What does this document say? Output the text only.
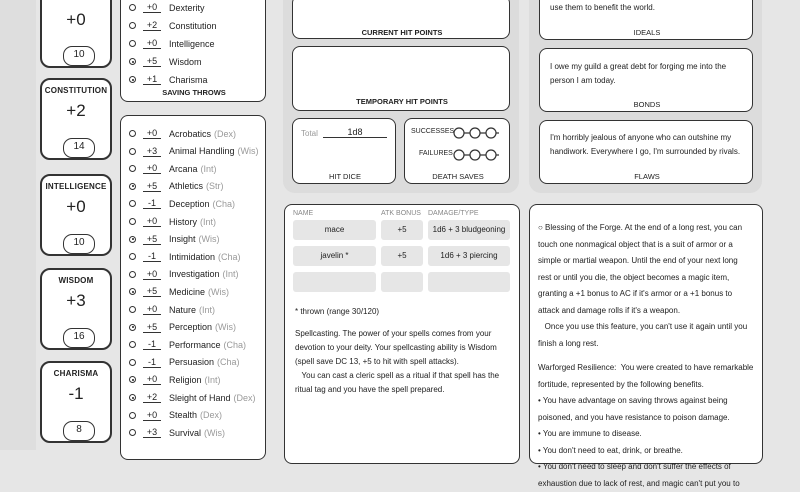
+0
10
CONSTITUTION
+2
14
INTELLIGENCE
+0
10
WISDOM
+3
16
CHARISMA
-1
8
+0	Dexterity
+2	Constitution
+0	Intelligence
+5	Wisdom
+1	Charisma
SAVING THROWS
+0	Acrobatics (Dex)
+3	Animal Handling (Wis)
+0	Arcana (Int)
+5	Athletics (Str)
-1	Deception (Cha)
+0	History (Int)
+5	Insight (Wis)
-1	Intimidation (Cha)
+0	Investigation (Int)
+5	Medicine (Wis)
+0	Nature (Int)
+5	Perception (Wis)
-1	Performance (Cha)
-1	Persuasion (Cha)
+0	Religion (Int)
+2	Sleight of Hand (Dex)
+0	Stealth (Dex)
+3	Survival (Wis)
CURRENT HIT POINTS
TEMPORARY HIT POINTS
Total	1d8
HIT DICE
SUCCESSES
FAILURES
DEATH SAVES
NAME	ATK BONUS DAMAGE/TYPE
mace	+5	1d6 + 3 bludgeoning
javelin *	+5	1d6 + 3 piercing
* thrown (range 30/120)
Spellcasting. The power of your spells comes from your
devotion to your deity. Your spellcasting ability is Wisdom
(spell save DC 13, +5 to hit with spell attacks).
You can cast a cleric spell as a ritual if that spell has the
ritual tag and you have the spell prepared.
use them to benefit the world.
IDEALS
I owe my guild a great debt for forging me into the
person I am today.
BONDS
I'm horribly jealous of anyone who can outshine my
handiwork. Everywhere I go, I'm surrounded by rivals.
FLAWS
○ Blessing of the Forge. At the end of a long rest, you can
touch one nonmagical object that is a suit of armor or a
simple or martial weapon. Until the end of your next long
rest or until you die, the object becomes a magic item,
granting a +1 bonus to AC if it's armor or a +1 bonus to
attack and damage rolls if it's a weapon.
Once you use this feature, you can't use it again until you
finish a long rest.
Warforged Resilience:  You were created to have remarkable
fortitude, represented by the following benefits.
• You have advantage on saving throws against being
poisoned, and you have resistance to poison damage.
• You are immune to disease.
• You don't need to eat, drink, or breathe.
• You don't need to sleep and don't suffer the effects of
exhaustion due to lack of rest, and magic can't put you to
